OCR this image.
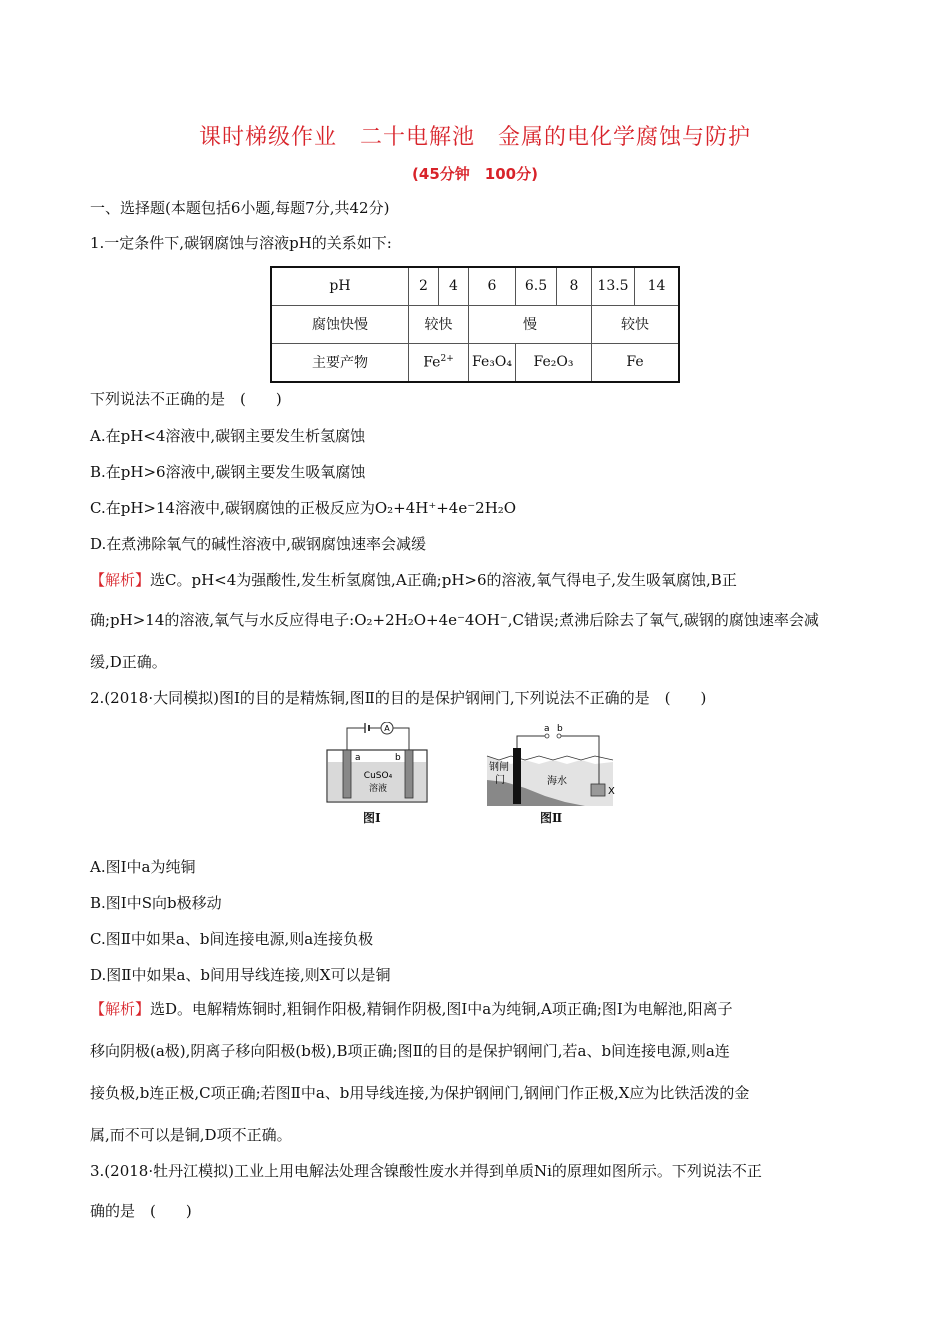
课时梯级作业　二十电解池　金属的电化学腐蚀与防护
(45分钟　100分)
一、选择题(本题包括6小题,每题7分,共42分)
1.一定条件下,碳钢腐蚀与溶液pH的关系如下:
pH	2	4	6	6.5	8	13.5	14
腐蚀快慢	较快		慢			较快	
主要产物	$Fe^{2+}$		Fe₃O₄	Fe₂O₃		Fe	
下列说法不正确的是　(　　)
A.在pH<4溶液中,碳钢主要发生析氢腐蚀
B.在pH>6溶液中,碳钢主要发生吸氧腐蚀
C.在pH>14溶液中,碳钢腐蚀的正极反应为O₂+4H⁺+4e⁻2H₂O
D.在煮沸除氧气的碱性溶液中,碳钢腐蚀速率会减缓
【解析】选C。pH<4为强酸性,发生析氢腐蚀,A正确;pH>6的溶液,氧气得电子,发生吸氧腐蚀,B正
确;pH>14的溶液,氧气与水反应得电子:O₂+2H₂O+4e⁻4OH⁻,C错误;煮沸后除去了氧气,碳钢的腐蚀速率会减
缓,D正确。
2.(2018·大同模拟)图Ⅰ的目的是精炼铜,图Ⅱ的目的是保护钢闸门,下列说法不正确的是　(　　)
A
a	b
CuSO₄
溶液
图Ⅰ
a b
钢闸
门	海水
X
图Ⅱ
A.图Ⅰ中a为纯铜
B.图Ⅰ中S向b极移动
C.图Ⅱ中如果a、b间连接电源,则a连接负极
D.图Ⅱ中如果a、b间用导线连接,则X可以是铜
【解析】选D。电解精炼铜时,粗铜作阳极,精铜作阴极,图Ⅰ中a为纯铜,A项正确;图Ⅰ为电解池,阳离子
移向阴极(a极),阴离子移向阳极(b极),B项正确;图Ⅱ的目的是保护钢闸门,若a、b间连接电源,则a连
接负极,b连正极,C项正确;若图Ⅱ中a、b用导线连接,为保护钢闸门,钢闸门作正极,X应为比铁活泼的金
属,而不可以是铜,D项不正确。
3.(2018·牡丹江模拟)工业上用电解法处理含镍酸性废水并得到单质Ni的原理如图所示。下列说法不正
确的是　(　　)
